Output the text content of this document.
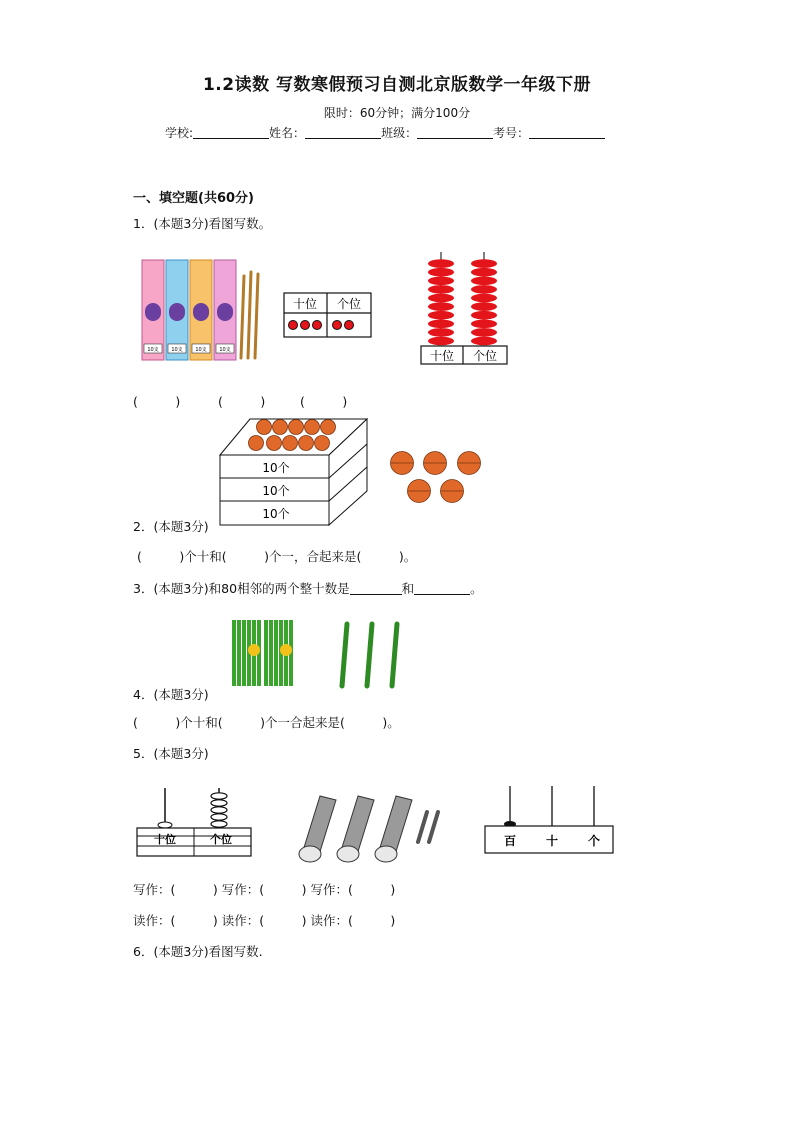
1.2读数 写数寒假预习自测北京版数学一年级下册
限时：60分钟；满分100分
学校:	姓名：	班级：	考号：
一、填空题(共60分)
1．(本题3分)看图写数。
10支	10支	10支	10支
十位 个位
十位 个位
(　　　)	(　　　)	(　　　)
10个
10个
10个
2．(本题3分)
(　　　)个十和(　　　)个一，合起来是(　　　)。
3．(本题3分)和80相邻的两个整十数是	和	。
4．(本题3分)
(　　　)个十和(　　　)个一合起来是(　　　)。
5．(本题3分)
十位	个位	百 十 个
写作：(　　　) 写作：(　　　) 写作：(　　　)
读作：(　　　) 读作：(　　　) 读作：(　　　)
6．(本题3分)看图写数.
